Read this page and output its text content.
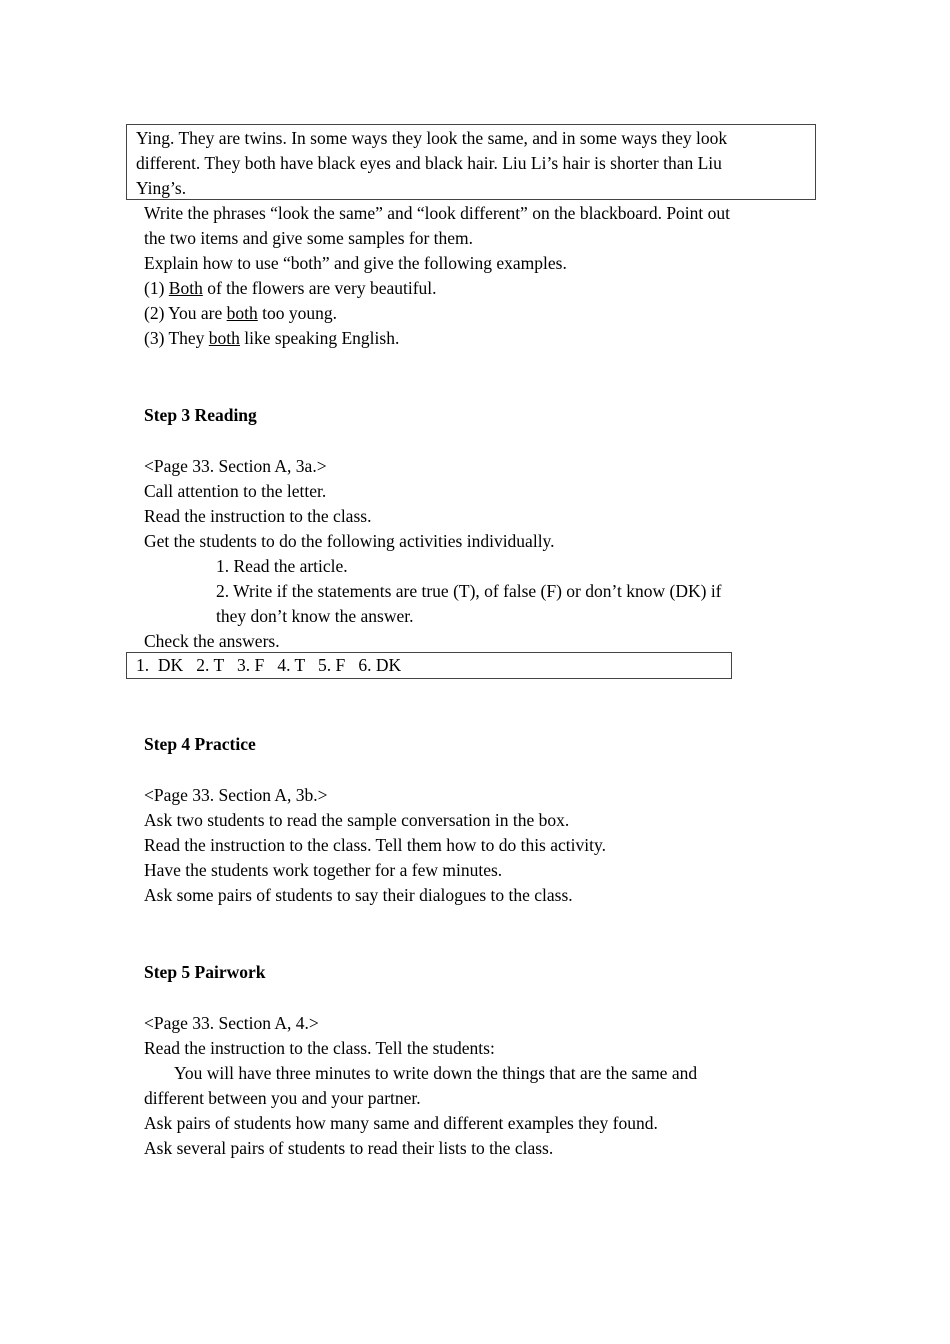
Ying. They are twins. In some ways they look the same, and in some ways they look
different. They both have black eyes and black hair. Liu Li’s hair is shorter than Liu
Ying’s.
Write the phrases “look the same” and “look different” on the blackboard. Point out
the two items and give some samples for them.
Explain how to use “both” and give the following examples.
(1) Both of the flowers are very beautiful.
(2) You are both too young.
(3) They both like speaking English.
Step 3 Reading
<Page 33. Section A, 3a.>
Call attention to the letter.
Read the instruction to the class.
Get the students to do the following activities individually.
1. Read the article.
2. Write if the statements are true (T), of false (F) or don’t know (DK) if
they don’t know the answer.
Check the answers.
1.  DK   2. T   3. F   4. T   5. F   6. DK
Step 4 Practice
<Page 33. Section A, 3b.>
Ask two students to read the sample conversation in the box.
Read the instruction to the class. Tell them how to do this activity.
Have the students work together for a few minutes.
Ask some pairs of students to say their dialogues to the class.
Step 5 Pairwork
<Page 33. Section A, 4.>
Read the instruction to the class. Tell the students:
You will have three minutes to write down the things that are the same and
different between you and your partner.
Ask pairs of students how many same and different examples they found.
Ask several pairs of students to read their lists to the class.
